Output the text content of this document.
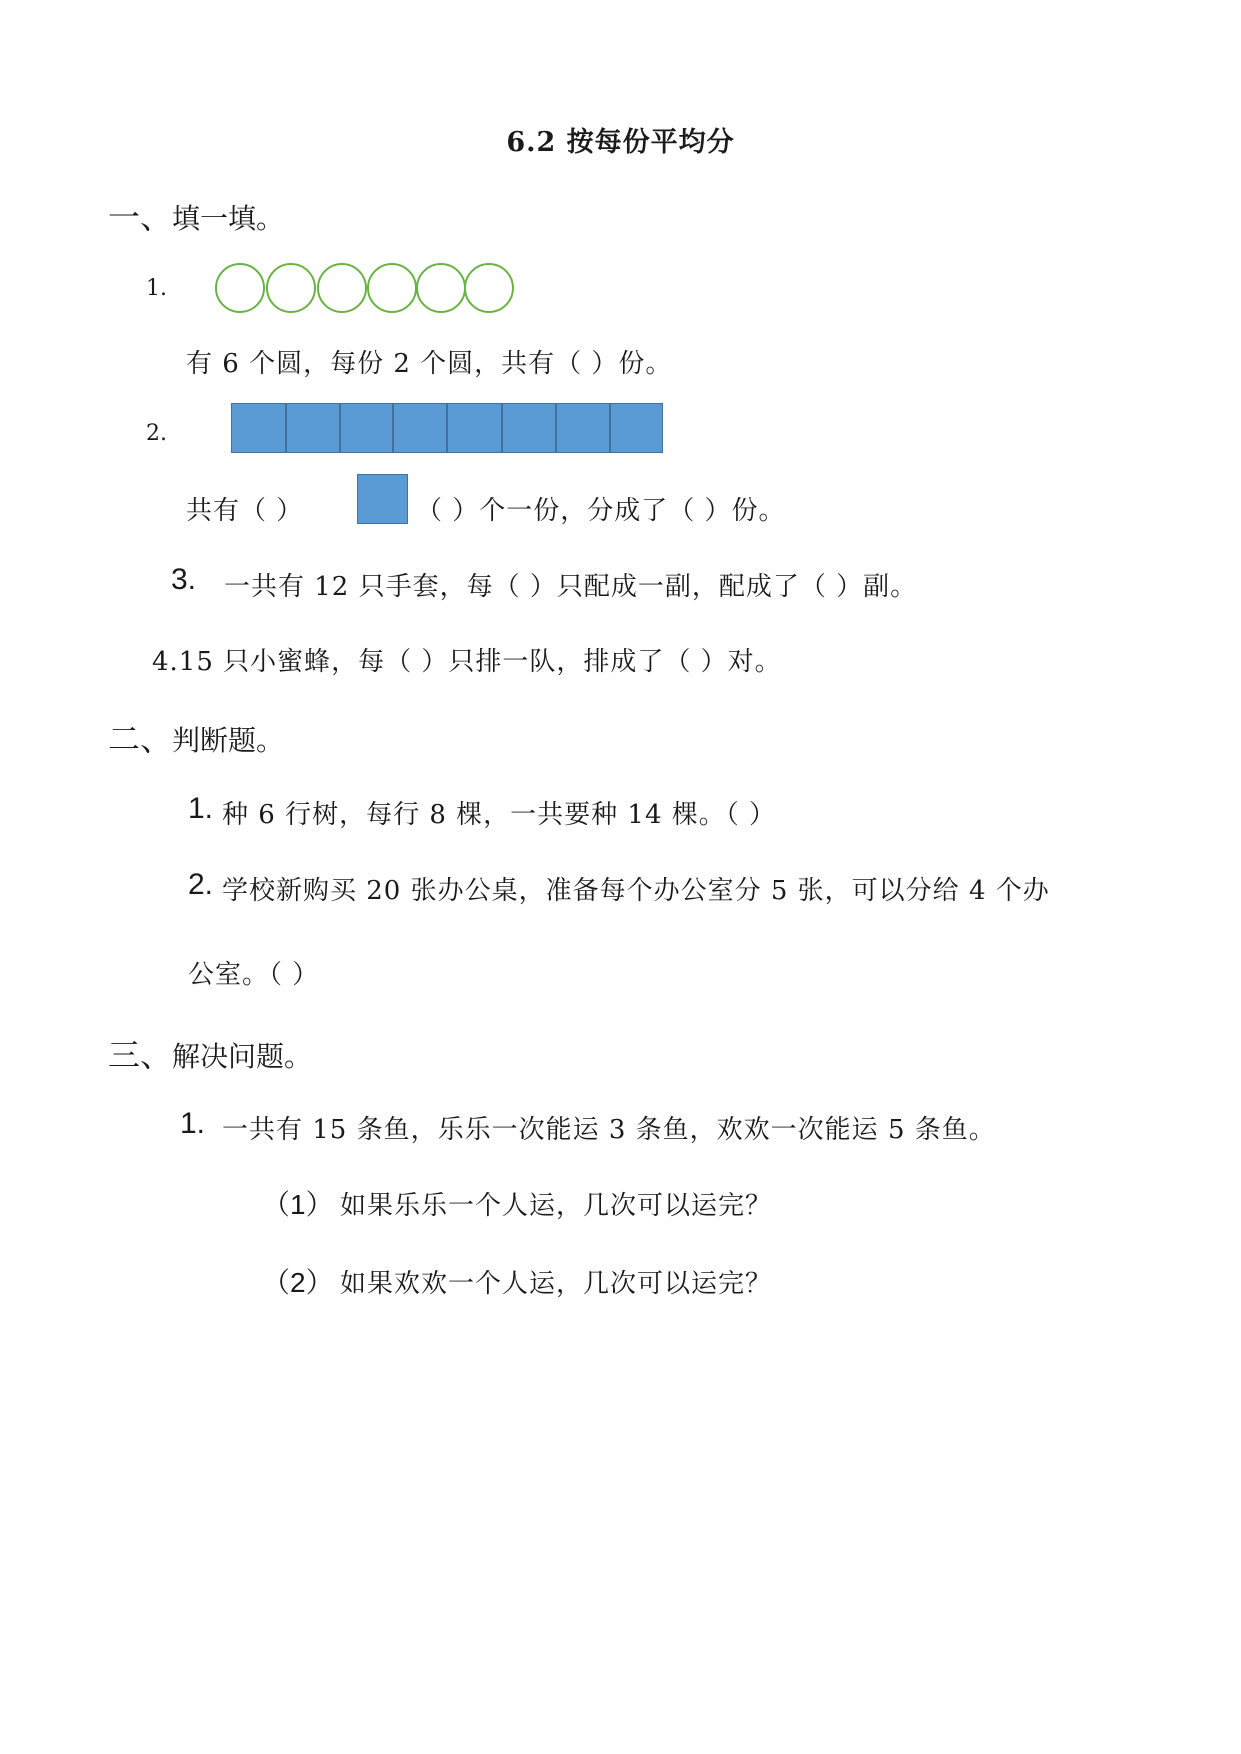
6.2 按每份平均分
一、填一填。
1.
有 6 个圆，每份 2 个圆，共有（ ）份。
2.
共有（ ）	（ ）个一份，分成了（ ）份。
3. 一共有 12 只手套，每（ ）只配成一副，配成了（ ）副。
4.15 只小蜜蜂，每（ ）只排一队，排成了（ ）对。
二、判断题。
1. 种 6 行树，每行 8 棵，一共要种 14 棵。（ ）
2. 学校新购买 20 张办公桌，准备每个办公室分 5 张，可以分给 4 个办
公室。（ ）
三、解决问题。
1. 一共有 15 条鱼，乐乐一次能运 3 条鱼，欢欢一次能运 5 条鱼。
（1） 如果乐乐一个人运，几次可以运完？
（2） 如果欢欢一个人运，几次可以运完？
